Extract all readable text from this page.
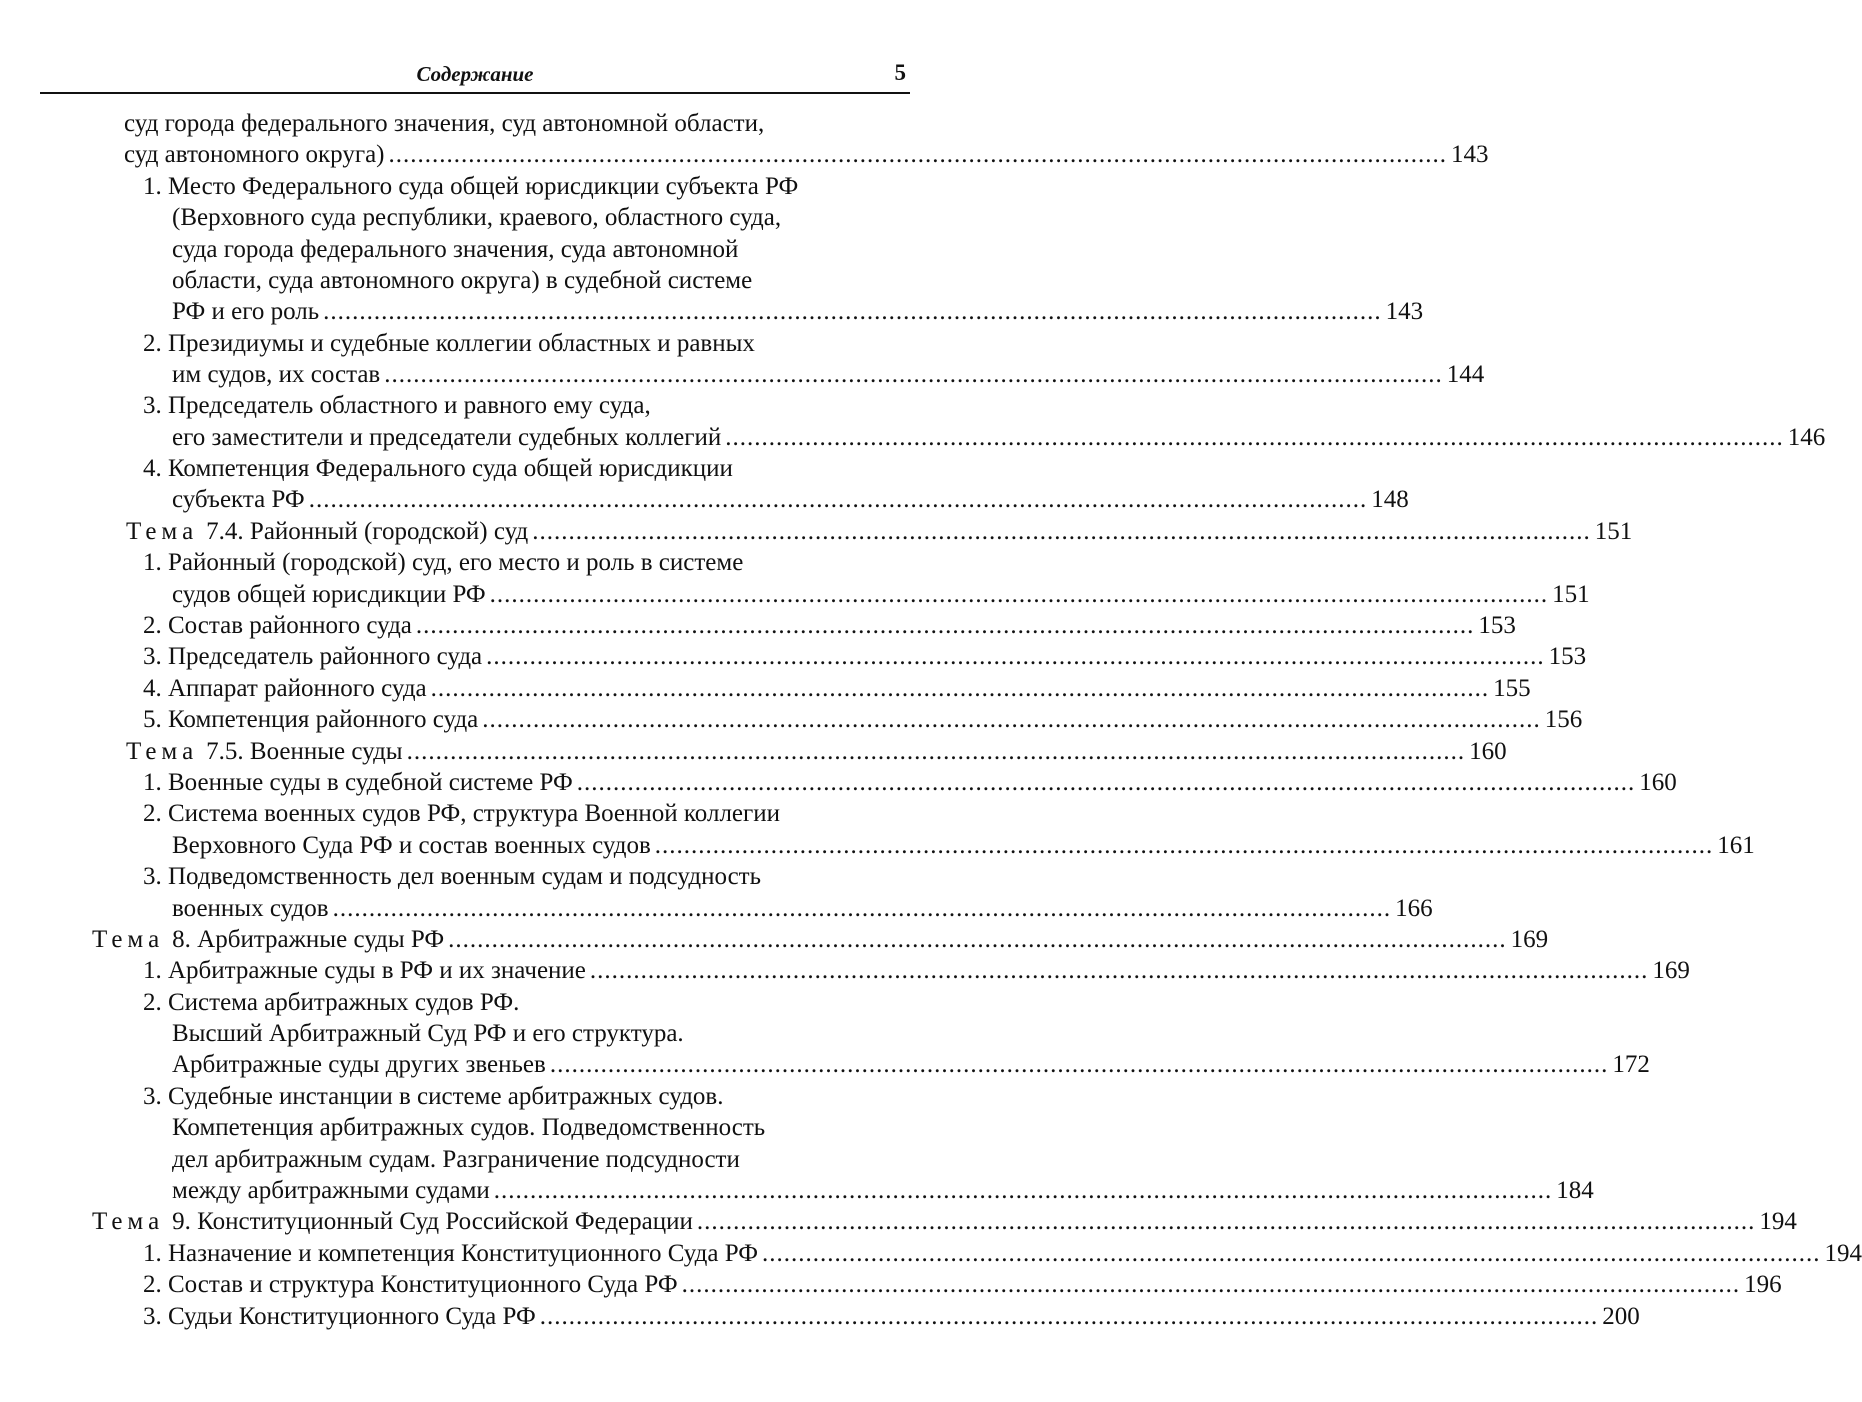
Содержание	5
суд города федерального значения, суд автономной области,
суд автономного округа) .................................................................................................................................................. 143
1. Место Федерального суда общей юрисдикции субъекта РФ
(Верховного суда республики, краевого, областного суда,
суда города федерального значения, суда автономной
области, суда автономного округа) в судебной системе
РФ и его роль .................................................................................................................................................. 143
2. Президиумы и судебные коллегии областных и равных
им судов, их состав .................................................................................................................................................. 144
3. Председатель областного и равного ему суда,
его заместители и председатели судебных коллегий .................................................................................................................................................. 146
4. Компетенция Федерального суда общей юрисдикции
субъекта РФ .................................................................................................................................................. 148
Тема 7.4. Районный (городской) суд .................................................................................................................................................. 151
1. Районный (городской) суд, его место и роль в системе
судов общей юрисдикции РФ .................................................................................................................................................. 151
2. Состав районного суда .................................................................................................................................................. 153
3. Председатель районного суда .................................................................................................................................................. 153
4. Аппарат районного суда .................................................................................................................................................. 155
5. Компетенция районного суда .................................................................................................................................................. 156
Тема 7.5. Военные суды .................................................................................................................................................. 160
1. Военные суды в судебной системе РФ .................................................................................................................................................. 160
2. Система военных судов РФ, структура Военной коллегии
Верховного Суда РФ и состав военных судов .................................................................................................................................................. 161
3. Подведомственность дел военным судам и подсудность
военных судов .................................................................................................................................................. 166
Тема 8. Арбитражные суды РФ .................................................................................................................................................. 169
1. Арбитражные суды в РФ и их значение .................................................................................................................................................. 169
2. Система арбитражных судов РФ.
Высший Арбитражный Суд РФ и его структура.
Арбитражные суды других звеньев .................................................................................................................................................. 172
3. Судебные инстанции в системе арбитражных судов.
Компетенция арбитражных судов. Подведомственность
дел арбитражным судам. Разграничение подсудности
между арбитражными судами .................................................................................................................................................. 184
Тема 9. Конституционный Суд Российской Федерации .................................................................................................................................................. 194
1. Назначение и компетенция Конституционного Суда РФ .................................................................................................................................................. 194
2. Состав и структура Конституционного Суда РФ .................................................................................................................................................. 196
3. Судьи Конституционного Суда РФ .................................................................................................................................................. 200
